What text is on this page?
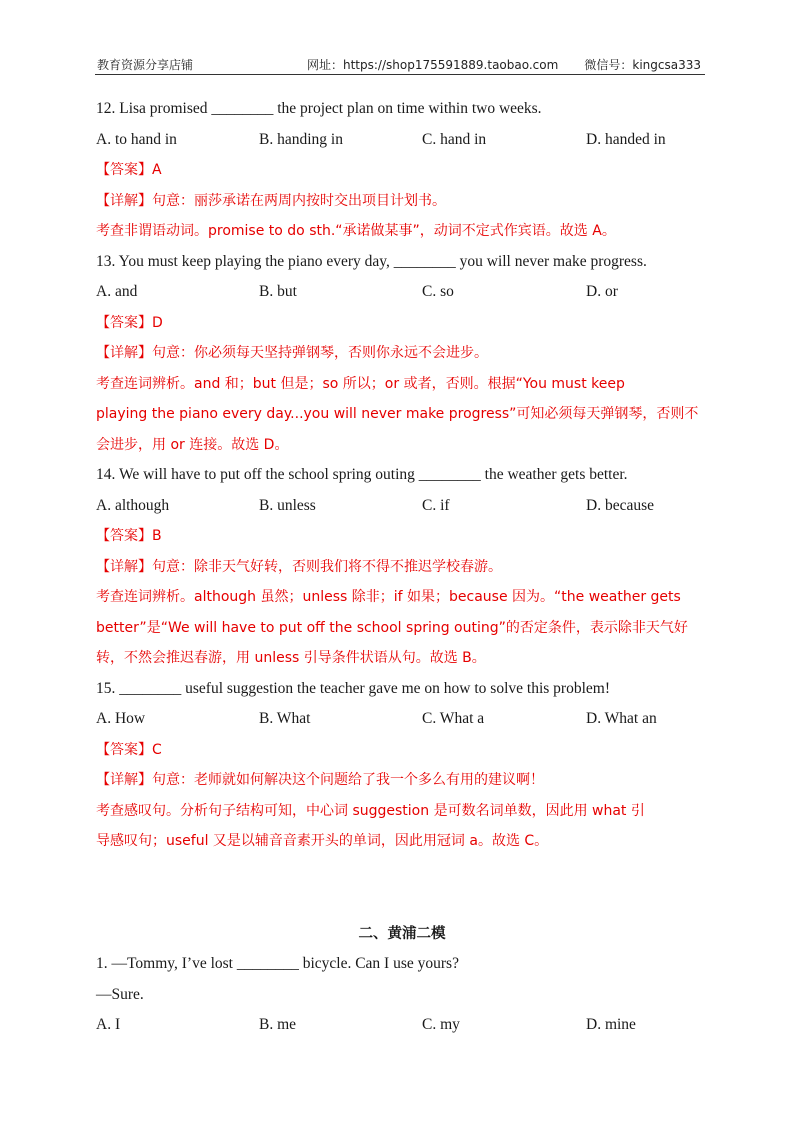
教育资源分享店铺	网址：https://shop175591889.taobao.com 微信号：kingcsa333
12. Lisa promised ________ the project plan on time within two weeks.
A. to hand in	B. handing in	C. hand in	D. handed in
【答案】A
【详解】句意：丽莎承诺在两周内按时交出项目计划书。
考查非谓语动词。promise to do sth.“承诺做某事”，动词不定式作宾语。故选 A。
13. You must keep playing the piano every day, ________ you will never make progress.
A. and	B. but	C. so	D. or
【答案】D
【详解】句意：你必须每天坚持弹钢琴，否则你永远不会进步。
考查连词辨析。and 和；but 但是；so 所以；or 或者，否则。根据“You must keep
playing the piano every day...you will never make progress”可知必须每天弹钢琴，否则不
会进步，用 or 连接。故选 D。
14. We will have to put off the school spring outing ________ the weather gets better.
A. although	B. unless	C. if	D. because
【答案】B
【详解】句意：除非天气好转，否则我们将不得不推迟学校春游。
考查连词辨析。although 虽然；unless 除非；if 如果；because 因为。“the weather gets
better”是“We will have to put off the school spring outing”的否定条件，表示除非天气好
转，不然会推迟春游，用 unless 引导条件状语从句。故选 B。
15. ________ useful suggestion the teacher gave me on how to solve this problem!
A. How	B. What	C. What a	D. What an
【答案】C
【详解】句意：老师就如何解决这个问题给了我一个多么有用的建议啊！
考查感叹句。分析句子结构可知，中心词 suggestion 是可数名词单数，因此用 what 引
导感叹句；useful 又是以辅音音素开头的单词，因此用冠词 a。故选 C。
二、黄浦二模
1. —Tommy, I’ve lost ________ bicycle. Can I use yours?
—Sure.
A. I	B. me	C. my	D. mine
